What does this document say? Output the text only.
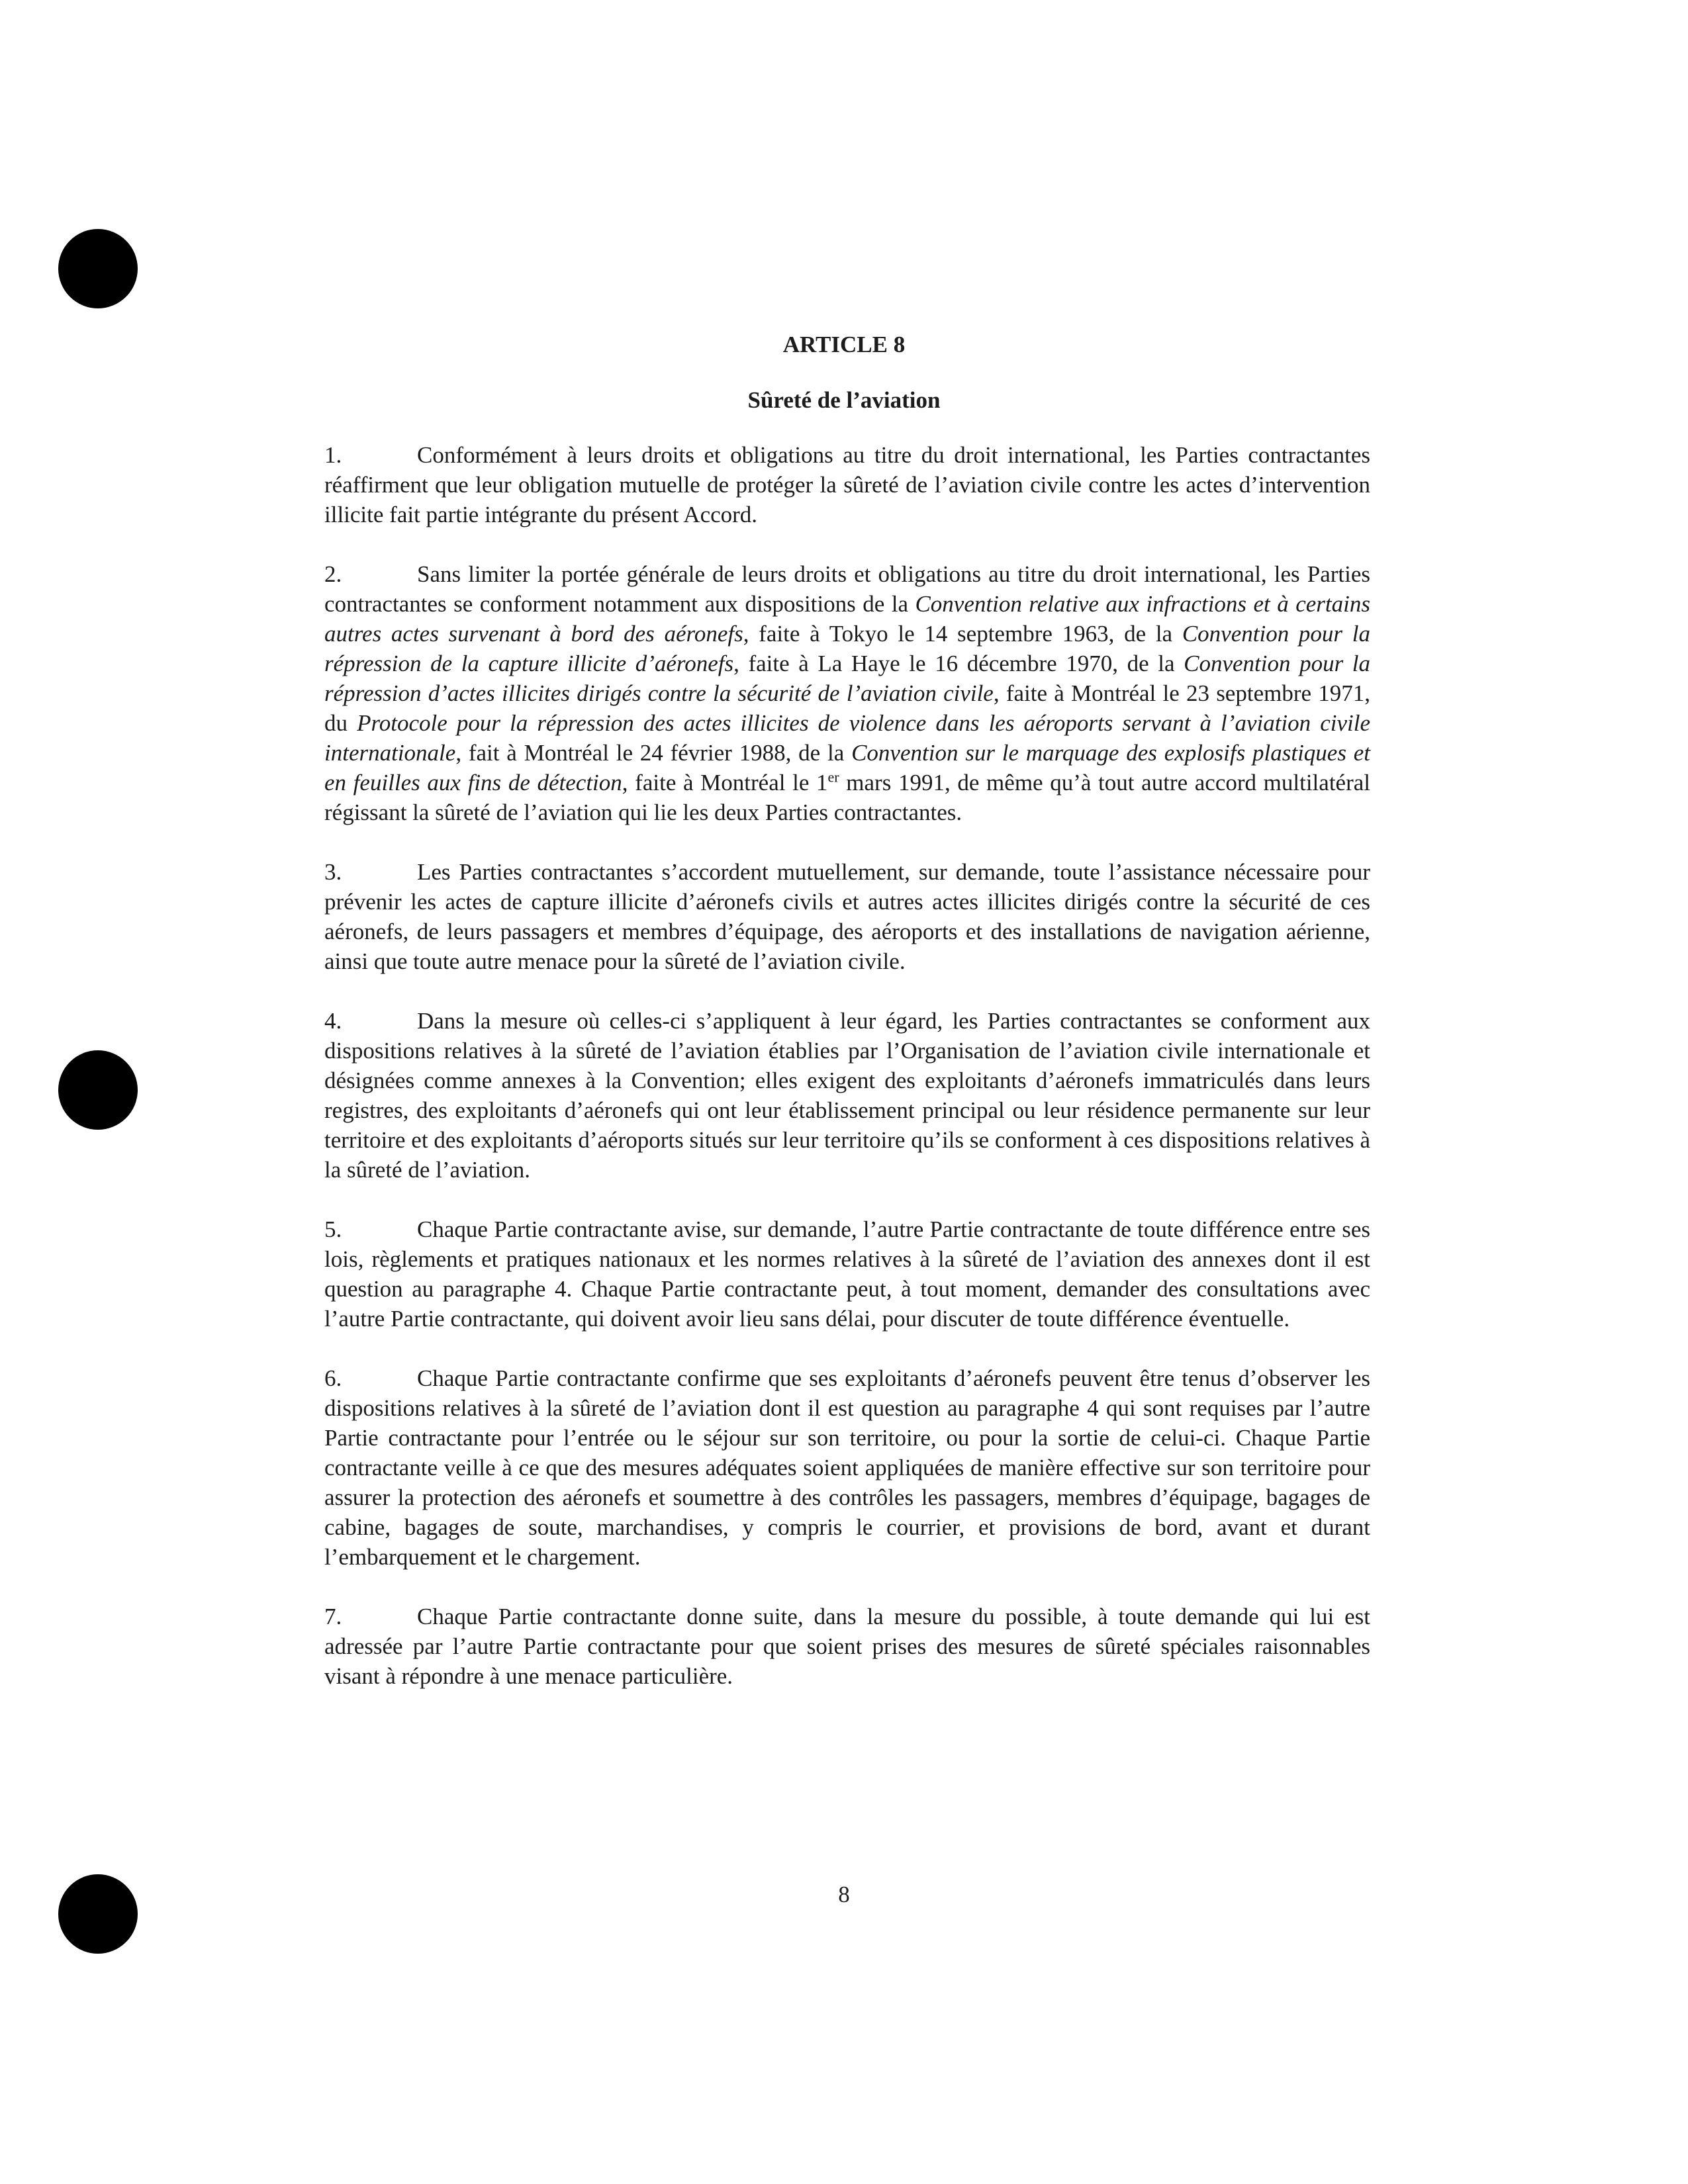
ARTICLE 8
Sûreté de l’aviation

1.	Conformément à leurs droits et obligations au titre du droit international, les Parties contractantes réaffirment que leur obligation mutuelle de protéger la sûreté de l’aviation civile contre les actes d’intervention illicite fait partie intégrante du présent Accord.

2.	Sans limiter la portée générale de leurs droits et obligations au titre du droit international, les Parties contractantes se conforment notamment aux dispositions de la Convention relative aux infractions et à certains autres actes survenant à bord des aéronefs, faite à Tokyo le 14 septembre 1963, de la Convention pour la répression de la capture illicite d’aéronefs, faite à La Haye le 16 décembre 1970, de la Convention pour la répression d’actes illicites dirigés contre la sécurité de l’aviation civile, faite à Montréal le 23 septembre 1971, du Protocole pour la répression des actes illicites de violence dans les aéroports servant à l’aviation civile internationale, fait à Montréal le 24 février 1988, de la Convention sur le marquage des explosifs plastiques et en feuilles aux fins de détection, faite à Montréal le 1er mars 1991, de même qu’à tout autre accord multilatéral régissant la sûreté de l’aviation qui lie les deux Parties contractantes.

3.	Les Parties contractantes s’accordent mutuellement, sur demande, toute l’assistance nécessaire pour prévenir les actes de capture illicite d’aéronefs civils et autres actes illicites dirigés contre la sécurité de ces aéronefs, de leurs passagers et membres d’équipage, des aéroports et des installations de navigation aérienne, ainsi que toute autre menace pour la sûreté de l’aviation civile.

4.	Dans la mesure où celles-ci s’appliquent à leur égard, les Parties contractantes se conforment aux dispositions relatives à la sûreté de l’aviation établies par l’Organisation de l’aviation civile internationale et désignées comme annexes à la Convention; elles exigent des exploitants d’aéronefs immatriculés dans leurs registres, des exploitants d’aéronefs qui ont leur établissement principal ou leur résidence permanente sur leur territoire et des exploitants d’aéroports situés sur leur territoire qu’ils se conforment à ces dispositions relatives à la sûreté de l’aviation.

5.	Chaque Partie contractante avise, sur demande, l’autre Partie contractante de toute différence entre ses lois, règlements et pratiques nationaux et les normes relatives à la sûreté de l’aviation des annexes dont il est question au paragraphe 4. Chaque Partie contractante peut, à tout moment, demander des consultations avec l’autre Partie contractante, qui doivent avoir lieu sans délai, pour discuter de toute différence éventuelle.

6.	Chaque Partie contractante confirme que ses exploitants d’aéronefs peuvent être tenus d’observer les dispositions relatives à la sûreté de l’aviation dont il est question au paragraphe 4 qui sont requises par l’autre Partie contractante pour l’entrée ou le séjour sur son territoire, ou pour la sortie de celui-ci. Chaque Partie contractante veille à ce que des mesures adéquates soient appliquées de manière effective sur son territoire pour assurer la protection des aéronefs et soumettre à des contrôles les passagers, membres d’équipage, bagages de cabine, bagages de soute, marchandises, y compris le courrier, et provisions de bord, avant et durant l’embarquement et le chargement.

7.	Chaque Partie contractante donne suite, dans la mesure du possible, à toute demande qui lui est adressée par l’autre Partie contractante pour que soient prises des mesures de sûreté spéciales raisonnables visant à répondre à une menace particulière.

8
